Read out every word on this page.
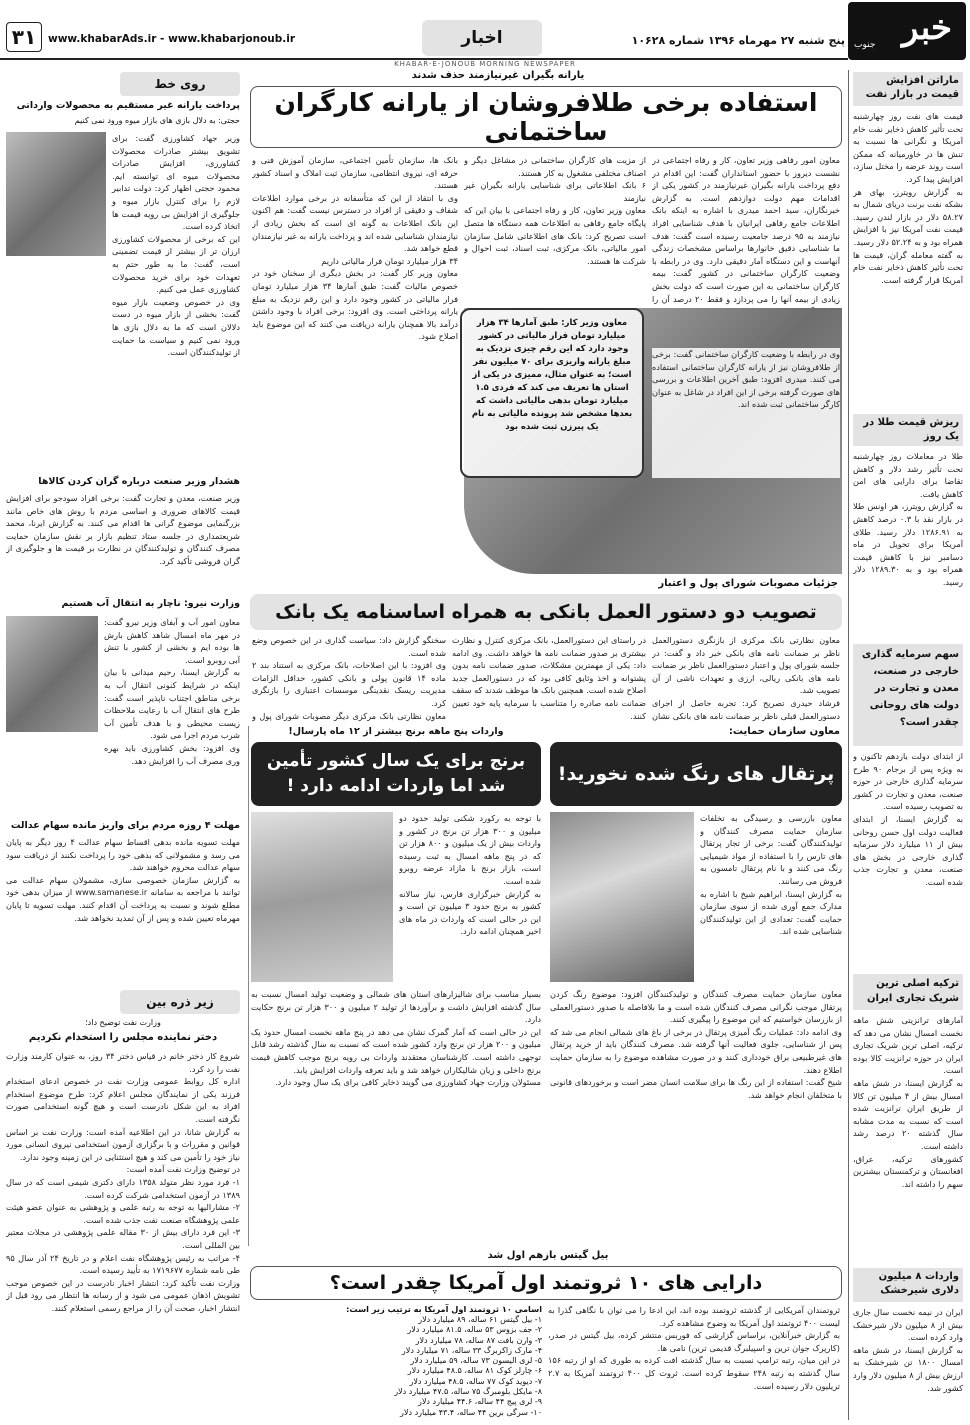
۳۱ www.khabarAds.ir - www.khabarjonoub.ir	اخبار	پنج شنبه ۲۷ مهرماه ۱۳۹۶ شماره ۱۰۶۲۸ خبر
جنوب
KHABAR-E-JONOUB MORNING NEWSPAPER
ماراتن افزایش قیمت در بازار نفت
قیمت های نفت روز چهارشنبه تحت تأثیر کاهش ذخایر نفت خام آمریکا و نگرانی ها نسبت به تنش ها در خاورمیانه که ممکن است روند عرضه را مختل سازد، افزایش پیدا کرد.
به گزارش رویترز، بهای هر بشکه نفت برنت دریای شمال به ۵۸.۲۷ دلار در بازار لندن رسید. قیمت نفت آمریکا نیز با افزایش همراه بود و به ۵۲.۲۴ دلار رسید.
به گفته معامله گران، قیمت ها تحت تأثیر کاهش ذخایر نفت خام آمریکا قرار گرفته است.
ریزش قیمت طلا در یک روز
طلا در معاملات روز چهارشنبه تحت تأثیر رشد دلار و کاهش تقاضا برای دارایی های امن کاهش یافت.
به گزارش رویترز، هر اونس طلا در بازار نقد با ۰.۳ درصد کاهش به ۱۲۸۶.۹۱ دلار رسید. طلای آمریکا برای تحویل در ماه دسامبر نیز با کاهش قیمت همراه بود و به ۱۲۸۹.۳۰ دلار رسید.
سهم سرمایه گذاری خارجی در صنعت، معدن و تجارت در دولت های روحانی چقدر است؟
از ابتدای دولت یازدهم تاکنون و به ویژه پس از برجام ۹۰ طرح سرمایه گذاری خارجی در حوزه صنعت، معدن و تجارت در کشور به تصویب رسیده است.
به گزارش ایسنا، از ابتدای فعالیت دولت اول حسن روحانی بیش از ۱۱ میلیارد دلار سرمایه گذاری خارجی در بخش های صنعت، معدن و تجارت جذب شده است.
ترکیه اصلی ترین شریک تجاری ایران
آمارهای ترانزیتی شش ماهه نخست امسال نشان می دهد که ترکیه، اصلی ترین شریک تجاری ایران در حوزه ترانزیت کالا بوده است.
به گزارش ایسنا، در شش ماهه امسال بیش از ۴ میلیون تن کالا از طریق ایران ترانزیت شده است که نسبت به مدت مشابه سال گذشته ۲۰ درصد رشد داشته است.
کشورهای ترکیه، عراق، افغانستان و ترکمنستان بیشترین سهم را داشته اند.
واردات ۸ میلیون دلاری شیرخشک
ایران در نیمه نخست سال جاری بیش از ۸ میلیون دلار شیرخشک وارد کرده است.
به گزارش ایسنا، در شش ماهه امسال ۱۸۰۰ تن شیرخشک به ارزش بیش از ۸ میلیون دلار وارد کشور شد.
یارانه بگیران غیرنیازمند حذف شدند
استفاده برخی طلافروشان از یارانه کارگران ساختمانی
معاون امور رفاهی وزیر تعاون، کار و رفاه اجتماعی در نشست دیروز با حضور استانداران گفت: این اقدام در دفع پرداخت یارانه بگیران غیرنیازمند در کشور یکی از اقدامات مهم دولت دوازدهم است. به گزارش خبرنگاران، سید احمد میدری با اشاره به اینکه بانک اطلاعات جامع رفاهی ایرانیان با هدف شناسایی افراد نیازمند به ۹۵ درصد جامعیت رسیده است گفت: هدف ما شناسایی دقیق خانوارها براساس مشخصات زندگی آنهاست و این دستگاه آمار دقیقی دارد. وی در رابطه با وضعیت کارگران ساختمانی در کشور گفت: بیمه کارگران ساختمانی به این صورت است که دولت بخش زیادی از بیمه آنها را می پردازد و فقط ۲۰ درصد آن را
از مزیت های کارگران ساختمانی در مشاغل دیگر و اصناف مختلفی مشغول به کار هستند.
۶ بانک اطلاعاتی برای شناسایی یارانه بگیران غیر نیازمند
معاون وزیر تعاون، کار و رفاه اجتماعی با بیان این که پایگاه جامع رفاهی به اطلاعات همه دستگاه ها متصل است تصریح کرد: بانک های اطلاعاتی شامل سازمان امور مالیاتی، بانک مرکزی، ثبت اسناد، ثبت احوال و شرکت ها هستند.
بانک ها، سازمان تأمین اجتماعی، سازمان آموزش فنی و حرفه ای، نیروی انتظامی، سازمان ثبت املاک و اسناد کشور هستند.
وی با انتقاد از این که متأسفانه در برخی موارد اطلاعات شفاف و دقیقی از افراد در دسترس نیست گفت: هم اکنون این بانک اطلاعات به گونه ای است که بخش زیادی از نیازمندان شناسایی شده اند و پرداخت یارانه به غیر نیازمندان قطع خواهد شد.
۳۴ هزار میلیارد تومان فرار مالیاتی داریم
معاون وزیر کار گفت: در بخش دیگری از سخنان خود در خصوص مالیات گفت: طبق آمارها ۳۴ هزار میلیارد تومان فرار مالیاتی در کشور وجود دارد و این رقم نزدیک به مبلغ یارانه پرداختی است. وی افزود: برخی افراد با وجود داشتن درآمد بالا همچنان یارانه دریافت می کنند که این موضوع باید اصلاح شود.
معاون وزیر کار: طبق آمارها ۳۴ هزار میلیارد تومان فرار مالیاتی در کشور وجود دارد که این رقم چیزی نزدیک به مبلغ یارانه واریزی برای ۷۰ میلیون نفر است؛ به عنوان مثال، ممیزی در یکی از استان ها تعریف می کند که فردی ۱.۵ میلیارد تومان بدهی مالیاتی داشت که بعدها مشخص شد پرونده مالیاتی به نام یک پیرزن ثبت شده بود
وی در رابطه با وضعیت کارگران ساختمانی گفت: برخی از طلافروشان نیز از یارانه کارگران ساختمانی استفاده می کنند. میدری افزود: طبق آخرین اطلاعات و بررسی های صورت گرفته برخی از این افراد در شاغل به عنوان کارگر ساختمانی ثبت شده اند.
روی خط
پرداخت یارانه غیر مستقیم به محصولات وارداتی
حجتی: به دلال بازی های بازار میوه ورود نمی کنیم
وزیر جهاد کشاورزی گفت: برای تشویق بیشتر صادرات محصولات کشاورزی، افزایش صادرات محصولات میوه ای توانسته ایم. محمود حجتی اظهار کرد: دولت تدابیر لازم را برای کنترل بازار میوه و جلوگیری از افزایش بی رویه قیمت ها اتخاذ کرده است.
این که برخی از محصولات کشاورزی ارزان تر از بیشتر از قیمت تضمینی است، گفت: ما به طور حتم به تعهدات خود برای خرید محصولات کشاورزی عمل می کنیم.
وی در خصوص وضعیت بازار میوه گفت: بخشی از بازار میوه در دست دلالان است که ما به دلال بازی ها ورود نمی کنیم و سیاست ما حمایت از تولیدکنندگان است.
هشدار وزیر صنعت درباره گران کردن کالاها
وزیر صنعت، معدن و تجارت گفت: برخی افراد سودجو برای افزایش قیمت کالاهای ضروری و اساسی مردم با روش های خاص مانند بزرگنمایی موضوع گرانی ها اقدام می کنند. به گزارش ایرنا، محمد شریعتمداری در جلسه ستاد تنظیم بازار بر نقش سازمان حمایت مصرف کنندگان و تولیدکنندگان در نظارت بر قیمت ها و جلوگیری از گران فروشی تأکید کرد.
وزارت نیرو: ناچار به انتقال آب هستیم
معاون امور آب و آبفای وزیر نیرو گفت: در مهر ماه امسال شاهد کاهش بارش ها بوده ایم و بخشی از کشور با تنش آبی روبرو است.
به گزارش ایسنا، رحیم میدانی با بیان اینکه در شرایط کنونی انتقال آب به برخی مناطق اجتناب ناپذیر است گفت: طرح های انتقال آب با رعایت ملاحظات زیست محیطی و با هدف تأمین آب شرب مردم اجرا می شود.
وی افزود: بخش کشاورزی باید بهره وری مصرف آب را افزایش دهد.
مهلت ۴ روزه مردم برای واریز مانده سهام عدالت
مهلت تسویه مانده بدهی اقساط سهام عدالت ۴ روز دیگر به پایان می رسد و مشمولانی که بدهی خود را پرداخت نکنند از دریافت سود سهام عدالت محروم خواهند شد.
به گزارش سازمان خصوصی سازی، مشمولان سهام عدالت می توانند با مراجعه به سامانه www.samanese.ir از میزان بدهی خود مطلع شوند و نسبت به پرداخت آن اقدام کنند. مهلت تسویه تا پایان مهرماه تعیین شده و پس از آن تمدید نخواهد شد.
زیر ذره بین
وزارت نفت توضیح داد؛
دختر نماینده مجلس را استخدام نکردیم
شروع کار دختر خانم در قیاس دختر ۳۴ روز، به عنوان کارمند وزارت نفت را رد کرد.
اداره کل روابط عمومی وزارت نفت در خصوص ادعای استخدام فرزند یکی از نمایندگان مجلس اعلام کرد: طرح موضوع استخدام افراد به این شکل نادرست است و هیچ گونه استخدامی صورت نگرفته است.
به گزارش شانا، در این اطلاعیه آمده است: وزارت نفت بر اساس قوانین و مقررات و با برگزاری آزمون استخدامی نیروی انسانی مورد نیاز خود را تأمین می کند و هیچ استثنایی در این زمینه وجود ندارد.
در توضیح وزارت نفت آمده است:
۱- فرد مورد نظر متولد ۱۳۵۸ دارای دکتری شیمی است که در سال ۱۳۸۹ در آزمون استخدامی شرکت کرده است.
۲- مشارالیها به توجه به رتبه علمی و پژوهشی به عنوان عضو هیئت علمی پژوهشگاه صنعت نفت جذب شده است.
۳- این فرد دارای بیش از ۳۰ مقاله علمی پژوهشی در مجلات معتبر بین المللی است.
۴- مراتب به رئیس پژوهشگاه نفت اعلام و در تاریخ ۲۴ آذر سال ۹۵ طی نامه شماره ۱۷۱۹۶۷۷ به تأیید رسیده است.
وزارت نفت تأکید کرد: انتشار اخبار نادرست در این خصوص موجب تشویش اذهان عمومی می شود و از رسانه ها انتظار می رود قبل از انتشار اخبار، صحت آن را از مراجع رسمی استعلام کنند.
جزئیات مصوبات شورای پول و اعتبار
تصویب دو دستور العمل بانکی به همراه اساسنامه یک بانک
معاون نظارتی بانک مرکزی از بازنگری دستورالعمل ناظر بر ضمانت نامه های بانکی خبر داد و گفت: در جلسه شورای پول و اعتبار دستورالعمل ناظر بر ضمانت نامه های بانکی ریالی، ارزی و تعهدات ناشی از آن تصویب شد.
فرشاد حیدری تصریح کرد: تجربه حاصل از اجرای دستورالعمل قبلی ناظر بر ضمانت نامه های بانکی نشان
در راستای این دستورالعمل، بانک مرکزی کنترل و نظارت بیشتری بر صدور ضمانت نامه ها خواهد داشت. وی ادامه داد: یکی از مهمترین مشکلات، صدور ضمانت نامه بدون پشتوانه و اخذ وثایق کافی بود که در دستورالعمل جدید اصلاح شده است. همچنین بانک ها موظف شدند که سقف ضمانت نامه صادره را متناسب با سرمایه پایه خود تعیین کنند.
سخنگو گزارش داد: سیاست گذاری در این خصوص وضع شده است.
وی افزود: با این اصلاحات، بانک مرکزی به استناد بند ۲ ماده ۱۴ قانون پولی و بانکی کشور، حداقل الزامات مدیریت ریسک نقدینگی موسسات اعتباری را بازنگری کرد.
معاون نظارتی بانک مرکزی دیگر مصوبات شورای پول و
معاون سازمان حمایت:
پرتقال های رنگ شده نخورید!
معاون بازرسی و رسیدگی به تخلفات سازمان حمایت مصرف کنندگان و تولیدکنندگان گفت: برخی از تجار پرتقال های تارس را با استفاده از مواد شیمیایی رنگ می کنند و با نام پرتقال تامسون به فروش می رسانند.
به گزارش ایسنا، ابراهیم شیخ با اشاره به مدارک جمع آوری شده از سوی سازمان حمایت گفت: تعدادی از این تولیدکنندگان شناسایی شده اند.
معاون سازمان حمایت مصرف کنندگان و تولیدکنندگان افزود: موضوع رنگ کردن پرتقال موجب نگرانی مصرف کنندگان شده است و ما بلافاصله با صدور دستورالعملی از بازرسان خواستیم که این موضوع را پیگیری کنند.
وی ادامه داد: عملیات رنگ آمیزی پرتقال در برخی از باغ های شمالی انجام می شد که پس از شناسایی، جلوی فعالیت آنها گرفته شد. مصرف کنندگان باید از خرید پرتقال های غیرطبیعی براق خودداری کنند و در صورت مشاهده موضوع را به سازمان حمایت اطلاع دهند.
شیخ گفت: استفاده از این رنگ ها برای سلامت انسان مضر است و برخوردهای قانونی با متخلفان انجام خواهد شد.
واردات پنج ماهه برنج بیشتر از ۱۲ ماه پارسال!
برنج برای یک سال کشور تأمین شد اما واردات ادامه دارد !
با توجه به رکورد شکنی تولید حدود دو میلیون و ۳۰۰ هزار تن برنج در کشور و واردات بیش از یک میلیون و ۸۰۰ هزار تن که در پنج ماهه امسال به ثبت رسیده است، بازار برنج با مازاد عرضه روبرو شده است.
به گزارش خبرگزاری فارس، نیاز سالانه کشور به برنج حدود ۳ میلیون تن است و این در حالی است که واردات در ماه های اخیر همچنان ادامه دارد.
بسیار مناسب برای شالیزارهای استان های شمالی و وضعیت تولید امسال نسبت به سال گذشته افزایش داشت و برآوردها از تولید ۲ میلیون و ۳۰۰ هزار تن برنج حکایت دارد.
این در حالی است که آمار گمرک نشان می دهد در پنج ماهه نخست امسال حدود یک میلیون و ۲۰۰ هزار تن برنج وارد کشور شده است که نسبت به سال گذشته رشد قابل توجهی داشته است. کارشناسان معتقدند واردات بی رویه برنج موجب کاهش قیمت برنج داخلی و زیان شالیکاران خواهد شد و باید تعرفه واردات افزایش یابد.
مسئولان وزارت جهاد کشاورزی می گویند ذخایر کافی برای یک سال وجود دارد.
بیل گیتس بازهم اول شد
دارایی های ۱۰ ثروتمند اول آمریکا چقدر است؟
ثروتمندان آمریکایی از گذشته ثروتمند بوده اند، این ادعا را می توان با نگاهی گذرا به لیست ۴۰۰ ثروتمند اول آمریکا به وضوح مشاهده کرد.
به گزارش خبرآنلاین، براساس گزارشی که فوربس منتشر کرده، بیل گیتس در صدر، (کارپرک جوان ترین و اسپیلبرگ قدیمی ترین) نامی ها.
در این میان، رتبه ترامپ نسبت به سال گذشته افت کرده به طوری که او از رتبه ۱۵۶ سال گذشته به رتبه ۲۴۸ سقوط کرده است. ثروت کل ۴۰۰ ثروتمند آمریکا به ۲.۷ تریلیون دلار رسیده است.
اسامی ۱۰ ثروتمند اول آمریکا به ترتیب زیر است:
۱- بیل گیتس ۶۱ ساله، ۸۹ میلیارد دلار
۲- جف بزوس ۵۳ ساله، ۸۱.۵ میلیارد دلار
۳- وارن بافت ۸۷ ساله، ۷۸ میلیارد دلار
۴- مارک زاکربرگ ۳۳ ساله، ۷۱ میلیارد دلار
۵- لری الیسون ۷۳ ساله، ۵۹ میلیارد دلار
۶- چارلز کوک ۸۱ ساله، ۴۸.۵ میلیارد دلار
۷- دیوید کوک ۷۷ ساله، ۴۸.۵ میلیارد دلار
۸- مایکل بلومبرگ ۷۵ ساله، ۴۷.۵ میلیارد دلار
۹- لری پیج ۴۴ ساله، ۴۴.۶ میلیارد دلار
۱۰- سرگی برین ۴۴ ساله، ۴۳.۴ میلیارد دلار
